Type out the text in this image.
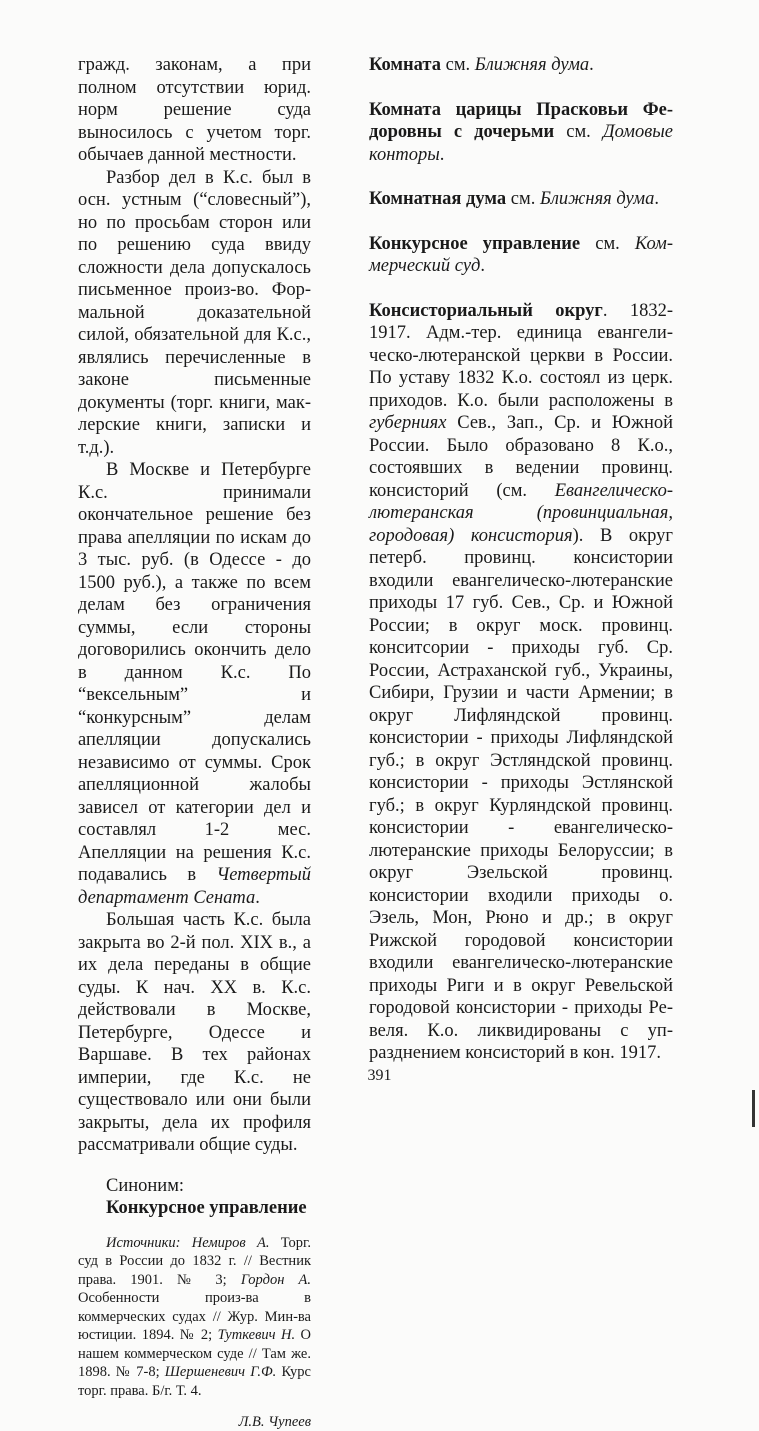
гражд. законам, а при полном отсутствии юрид. норм решение суда выносилось с учетом торг. обычаев данной местности.

Разбор дел в К.с. был в осн. устным (“словесный”), но по просьбам сторон или по решению суда ввиду сложности дела допускалось письменное произ-во. Формальной доказательной силой, обязательной для К.с., являлись перечисленные в законе письменные документы (торг. книги, маклерские книги, записки и т.д.).

В Москве и Петербурге К.с. принимали окончательное решение без права апелляции по искам до 3 тыс. руб. (в Одессе - до 1500 руб.), а также по всем делам без ограничения суммы, если стороны договорились окончить дело в данном К.с. По “вексельным” и “конкурсным” делам апелляции допускались независимо от суммы. Срок апелляционной жалобы зависел от категории дел и составлял 1-2 мес. Апелляции на решения К.с. подавались в Четвертый департамент Сената.

Большая часть К.с. была закрыта во 2-й пол. XIX в., а их дела переданы в общие суды. К нач. XX в. К.с. действовали в Москве, Петербурге, Одессе и Варшаве. В тех районах империи, где К.с. не существовало или они были закрыты, дела их профиля рассматривали общие суды.

Синоним:
Конкурсное управление
Источники: Немиров А. Торг. суд в России до 1832 г. // Вестник права. 1901. № 3; Гордон А. Особенности произ-ва в коммерческих судах // Жур. Мин-ва юстиции. 1894. № 2; Туткевич Н. О нашем коммерческом суде // Там же. 1898. № 7-8; Шершеневич Г.Ф. Курс торг. права. Б/г. Т. 4.
Л.В. Чупеев

Комната см. Ближняя дума.

Комната царицы Прасковьи Федоровны с дочерьми см. Домовые конторы.

Комнатная дума см. Ближняя дума.

Конкурсное управление см. Коммерческий суд.

Консисториальный округ. 1832-1917. Адм.-тер. единица евангелическо-лютеранской церкви в России. По уставу 1832 К.о. состоял из церк. приходов. К.о. были расположены в губерниях Сев., Зап., Ср. и Южной России. Было образовано 8 К.о., состоявших в ведении провинц. консисторий (см. Евангелическо-лютеранская (провинциальная, городовая) консистория). В округ петерб. провинц. консистории входили евангелическо-лютеранские приходы 17 губ. Сев., Ср. и Южной России; в округ моск. провинц. конситсории - приходы губ. Ср. России, Астраханской губ., Украины, Сибири, Грузии и части Армении; в округ Лифляндской провинц. консистории - приходы Лифляндской губ.; в округ Эстляндской провинц. консистории - приходы Эстлянской губ.; в округ Курляндской провинц. консистории - евангелическо-лютеранские приходы Белоруссии; в округ Эзельской провинц. консистории входили приходы о. Эзель, Мон, Рюно и др.; в округ Рижской городовой консистории входили евангелическо-лютеранские приходы Риги и в округ Ревельской городовой консистории - приходы Ревеля. К.о. ликвидированы с упразднением консисторий в кон. 1917.

391
